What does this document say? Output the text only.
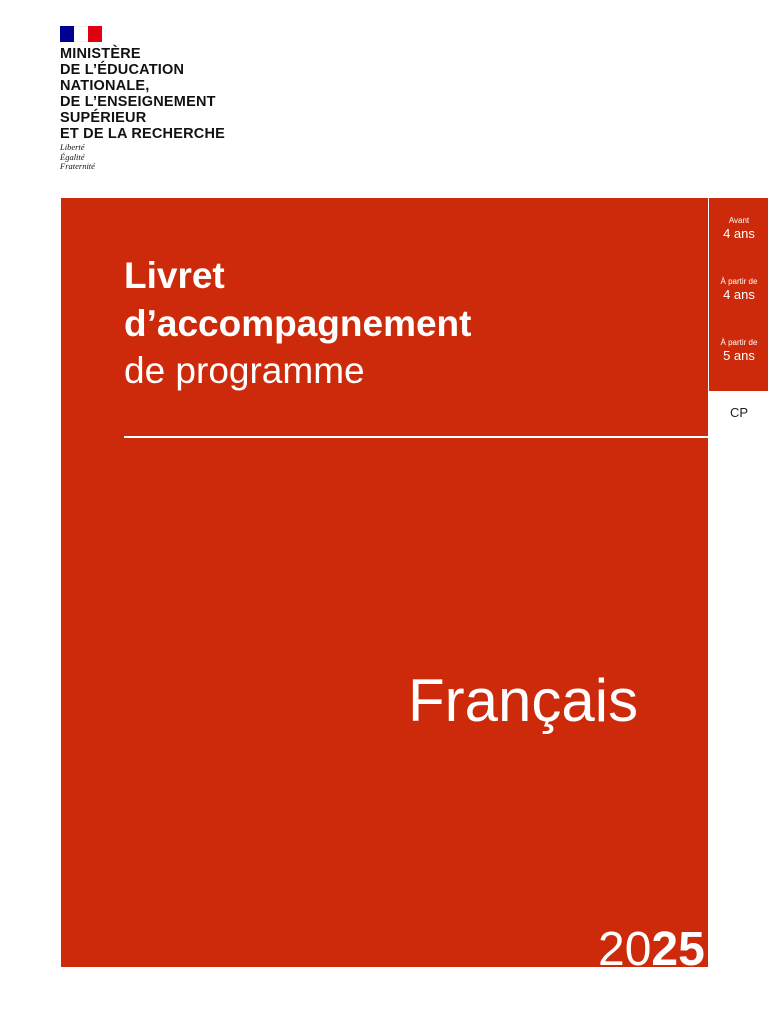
MINISTÈRE
DE L’ÉDUCATION
NATIONALE,
DE L’ENSEIGNEMENT
SUPÉRIEUR
ET DE LA RECHERCHE
Liberté
Égalité
Fraternité
Livret
d’accompagnement
de programme
Français
2025
Avant
4 ans
À partir de
4 ans
À partir de
5 ans
CP
CE1
CE2
CM1
CM2
6e
5e
4e
3e
